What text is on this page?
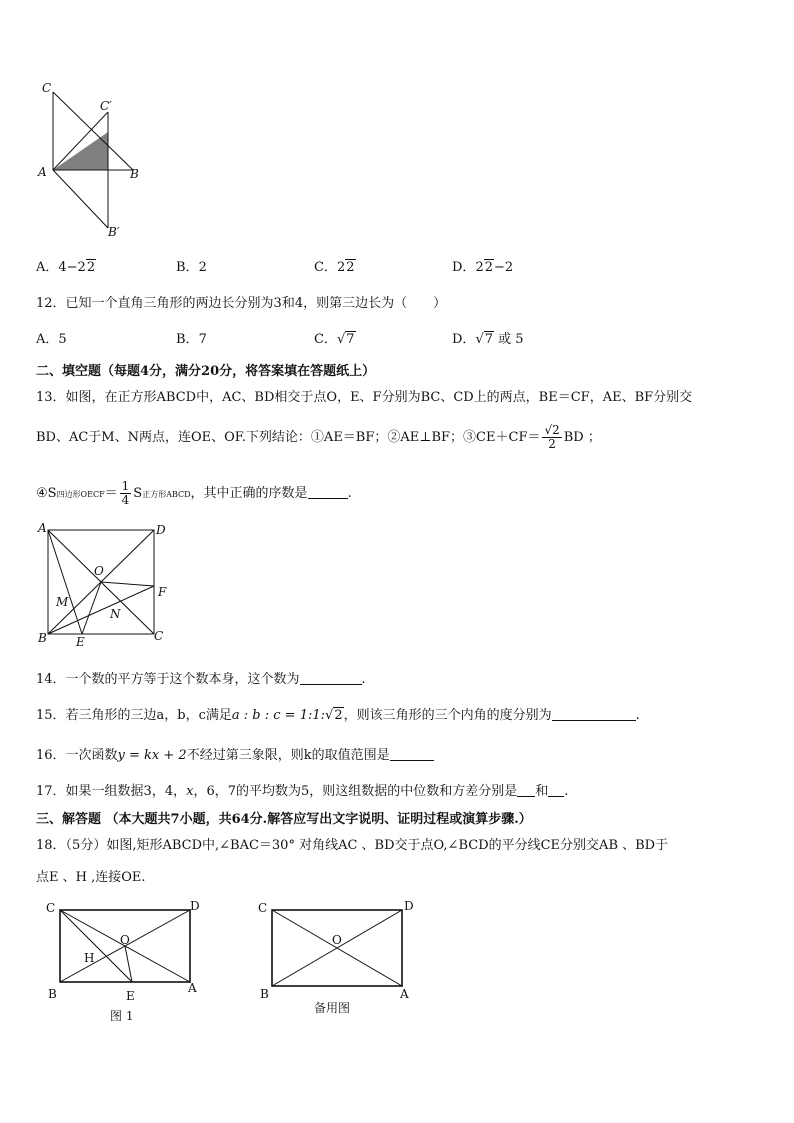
C
C′
A	B
B′
A．4−22	B．2	C．22	D．22−2
12．已知一个直角三角形的两边长分别为3和4，则第三边长为（　　）
A．5	B．7	C．√7	D．√7 或 5
二、填空题（每题4分，满分20分，将答案填在答题纸上）
13．如图，在正方形ABCD中，AC、BD相交于点O，E、F分别为BC、CD上的两点，BE＝CF，AE、BF分别交
BD、AC于M、N两点，连OE、OF.下列结论：①AE＝BF；②AE⊥BF；③CE＋CF＝ $\frac{√2}{2}$ BD ；
④S四边形OECF＝ $\frac{1}{4}$ S正方形ABCD，其中正确的序数是	.
A	D
O
F
M
N
B E	C
14．一个数的平方等于这个数本身，这个数为	.
15．若三角形的三边a，b，c满足a : b : c = 1:1:√2，则该三角形的三个内角的度分别为	.
16．一次函数y = kx + 2不经过第三象限，则k的取值范围是
17．如果一组数据3，4，x，6，7的平均数为5，则这组数据的中位数和方差分别是 和 .
三、解答题 （本大题共7小题，共64分.解答应写出文字说明、证明过程或演算步骤.）
18．（5分）如图,矩形ABCD中,∠BAC＝30° 对角线AC 、BD交于点O,∠BCD的平分线CE分别交AB 、BD于
点E 、H ,连接OE.
C	D
O
H
B	E
A
图 1
C	D
O
B	A
备用图
